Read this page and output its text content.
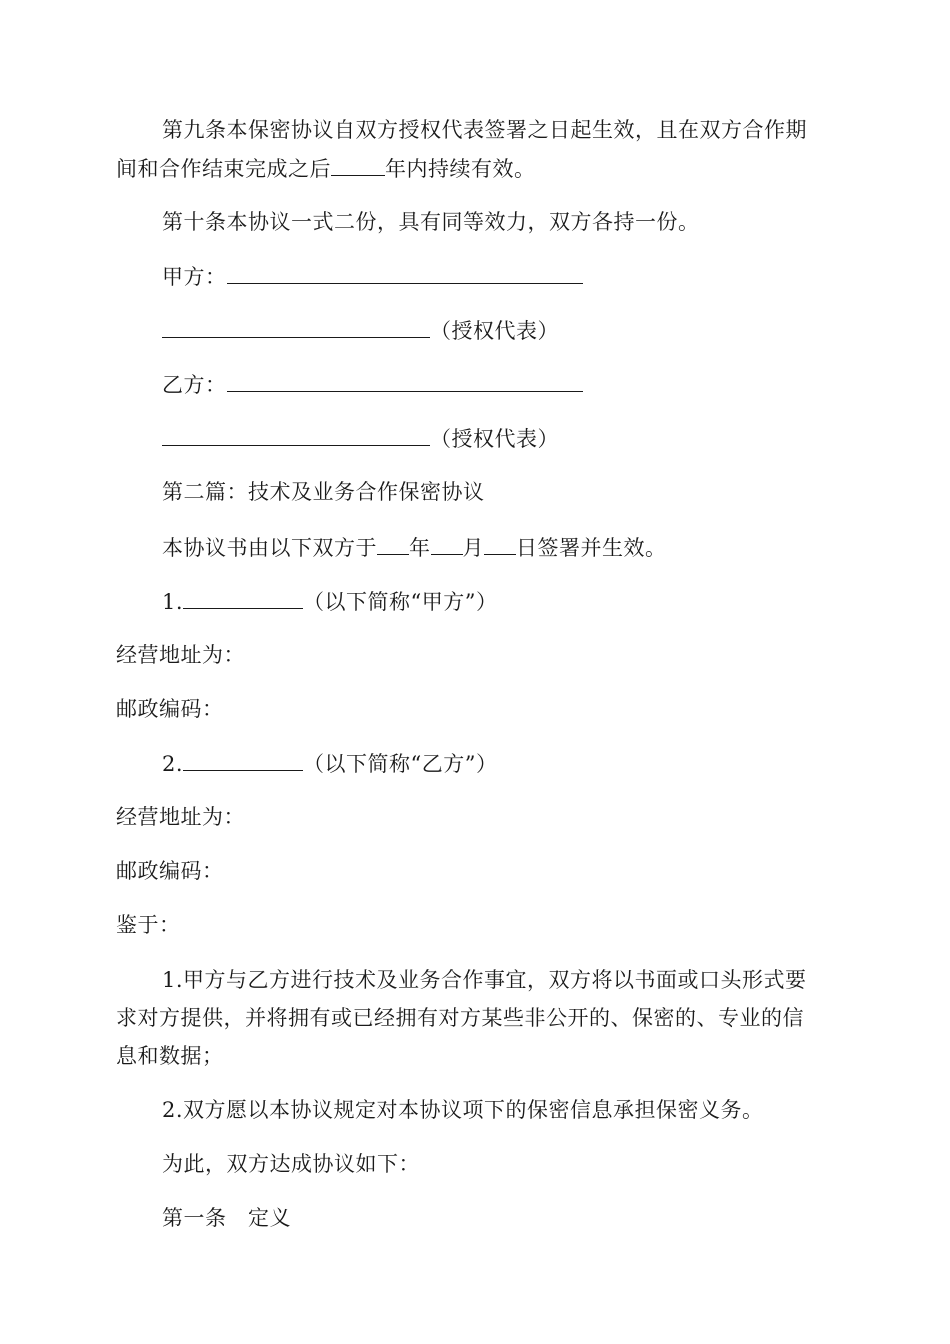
第九条本保密协议自双方授权代表签署之日起生效，且在双方合作期
间和合作结束完成之后	年内持续有效。
第十条本协议一式二份，具有同等效力，双方各持一份。
甲方：
（授权代表）
乙方：
（授权代表）
第二篇：技术及业务合作保密协议
本协议书由以下双方于 年 月 日签署并生效。
1.	（以下简称“甲方”）
经营地址为：
邮政编码：
2.	（以下简称“乙方”）
经营地址为：
邮政编码：
鉴于：
1.甲方与乙方进行技术及业务合作事宜，双方将以书面或口头形式要
求对方提供，并将拥有或已经拥有对方某些非公开的、保密的、专业的信
息和数据；
2.双方愿以本协议规定对本协议项下的保密信息承担保密义务。
为此，双方达成协议如下：
第一条　定义
